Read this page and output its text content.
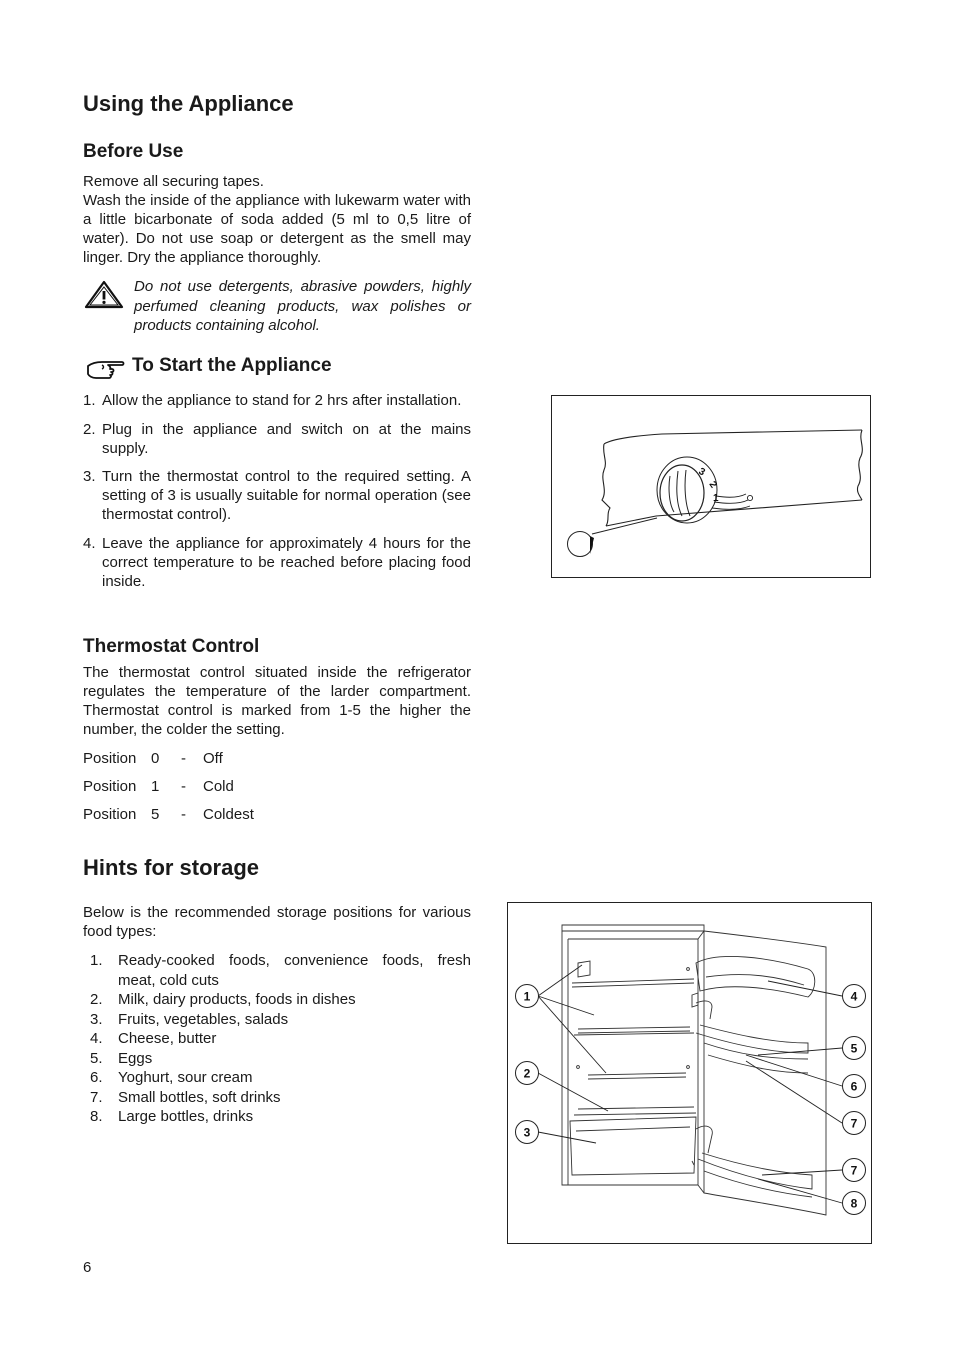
Using the Appliance
Before Use

Remove all securing tapes.

Wash the inside of the appliance with lukewarm water with a little bicarbonate of soda added (5 ml to 0,5 litre of water). Do not use soap or detergent as the smell may linger. Dry the appliance thoroughly.

Do not use detergents, abrasive powders, highly perfumed cleaning products, wax polishes or products containing alcohol.

To Start the Appliance
1. Allow the appliance to stand for 2 hrs after installation.
2. Plug in the appliance and switch on at the mains supply.
3. Turn the thermostat control to the required setting. A setting of 3 is usually suitable for normal operation (see thermostat control).
4. Leave the appliance for approximately 4 hours for the correct temperature to be reached before placing food inside.
3
2
1
Thermostat Control

The thermostat control situated inside the refrigerator regulates the temperature of the larder compartment. Thermostat control is marked from 1-5 the higher the number, the colder the setting.

Position 0 - Off
Position 1 - Cold
Position 5 - Coldest
Hints for storage

Below is the recommended storage positions for various food types:

1. Ready-cooked foods, convenience foods, fresh meat, cold cuts
2. Milk, dairy products, foods in dishes
3. Fruits, vegetables, salads
4. Cheese, butter
5. Eggs
6. Yoghurt, sour cream
7. Small bottles, soft drinks
8. Large bottles, drinks
1
2
3
4
5
6
7
7
8
6
